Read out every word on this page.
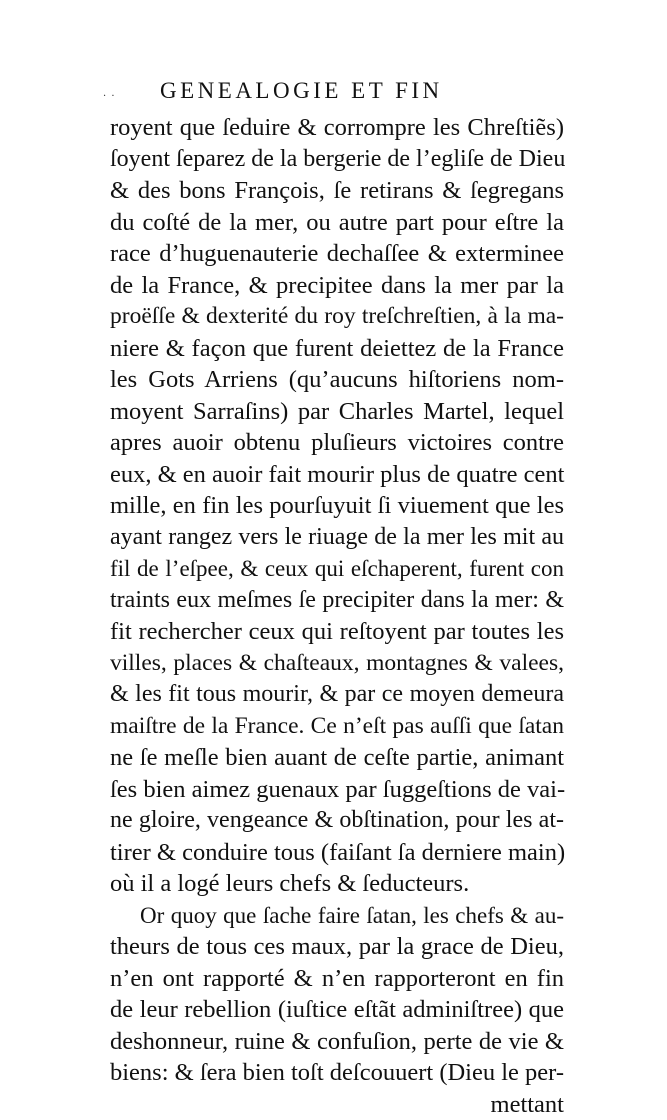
· · GENEALOGIE ET FIN
royent que ſeduire & corrompre les Chreſtiẽs)
ſoyent ſeparez de la bergerie de l’egliſe de Dieu
& des bons François, ſe retirans & ſegregans
du coſté de la mer, ou autre part pour eſtre la
race d’huguenauterie dechaſſee & exterminee
de la France, & precipitee dans la mer par la
proëſſe & dexterité du roy treſchreſtien, à la ma-
niere & façon que furent deiettez de la France
les Gots Arriens (qu’aucuns hiſtoriens nom-
moyent Sarraſins) par Charles Martel, lequel
apres auoir obtenu pluſieurs victoires contre
eux, & en auoir fait mourir plus de quatre cent
mille, en fin les pourſuyuit ſi viuement que les
ayant rangez vers le riuage de la mer les mit au
fil de l’eſpee, & ceux qui eſchaperent, furent con
traints eux meſmes ſe precipiter dans la mer: &
fit rechercher ceux qui reſtoyent par toutes les
villes, places & chaſteaux, montagnes & valees,
& les fit tous mourir, & par ce moyen demeura
maiſtre de la France. Ce n’eſt pas auſſi que ſatan
ne ſe meſle bien auant de ceſte partie, animant
ſes bien aimez guenaux par ſuggeſtions de vai-
ne gloire, vengeance & obſtination, pour les at-
tirer & conduire tous (faiſant ſa derniere main)
où il a logé leurs chefs & ſeducteurs.
Or quoy que ſache faire ſatan, les chefs & au-
theurs de tous ces maux, par la grace de Dieu,
n’en ont rapporté & n’en rapporteront en fin
de leur rebellion (iuſtice eſtãt adminiſtree) que
deshonneur, ruine & confuſion, perte de vie &
biens: & ſera bien toſt deſcouuert (Dieu le per-
mettant
